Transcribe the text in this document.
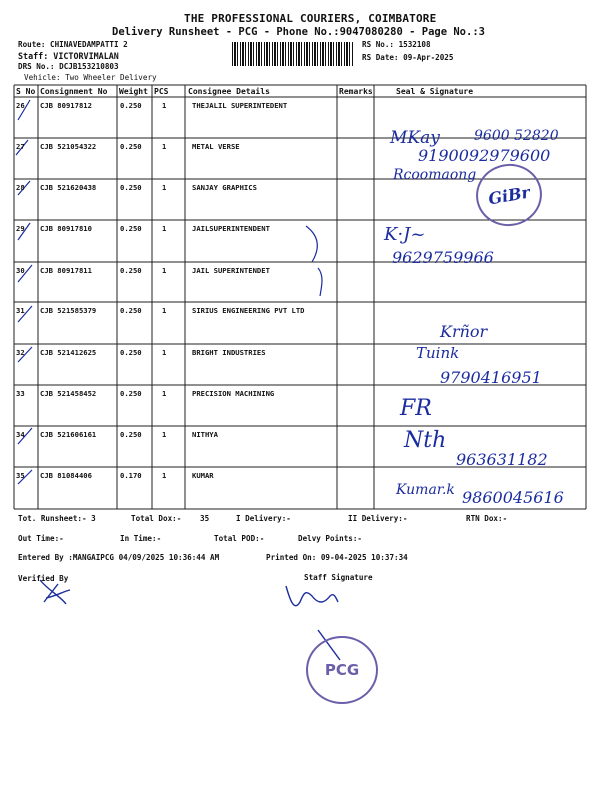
THE PROFESSIONAL COURIERS, COIMBATORE
Delivery Runsheet - PCG - Phone No.:9047080280 - Page No.:3
Route: CHINAVEDAMPATTI 2
Staff: VICTORVIMALAN
DRS No.: DCJB153210803
Vehicle: Two Wheeler Delivery
RS No.: 1532108
RS Date: 09-Apr-2025
S No Consignment No Weight PCS Consignee Details	Remarks	Seal & Signature
26 CJB 80917812	0.250	1	THEJALIL SUPERINTEDENT
27 CJB 521054322	0.250	1	METAL VERSE
28 CJB 521620438	0.250	1	SANJAY GRAPHICS
29 CJB 80917810	0.250	1	JAILSUPERINTENDENT
30 CJB 80917811	0.250	1	JAIL SUPERINTENDET
31 CJB 521585379	0.250	1	SIRIUS ENGINEERING PVT LTD
32 CJB 521412625	0.250	1	BRIGHT INDUSTRIES
33 CJB 521458452	0.250	1	PRECISION MACHINING
34 CJB 521606161	0.250	1	NITHYA
35 CJB 81084406	0.170	1	KUMAR
MKay 9600 52820
9190092979600
Rcoomaong
9629759966
K·J~
Krñor
Tuink
9790416951
FR
Nth
963631182
Kumar.k 9860045616
GiBr
Tot. Runsheet:- 3	Total Dox:- 35	I Delivery:-	II Delivery:-	RTN Dox:-
Out Time:-	In Time:-	Total POD:-	Delvy Points:-
Entered By :MANGAIPCG 04/09/2025 10:36:44 AM	Printed On: 09-04-2025 10:37:34
Verified By	Staff Signature
PCG
